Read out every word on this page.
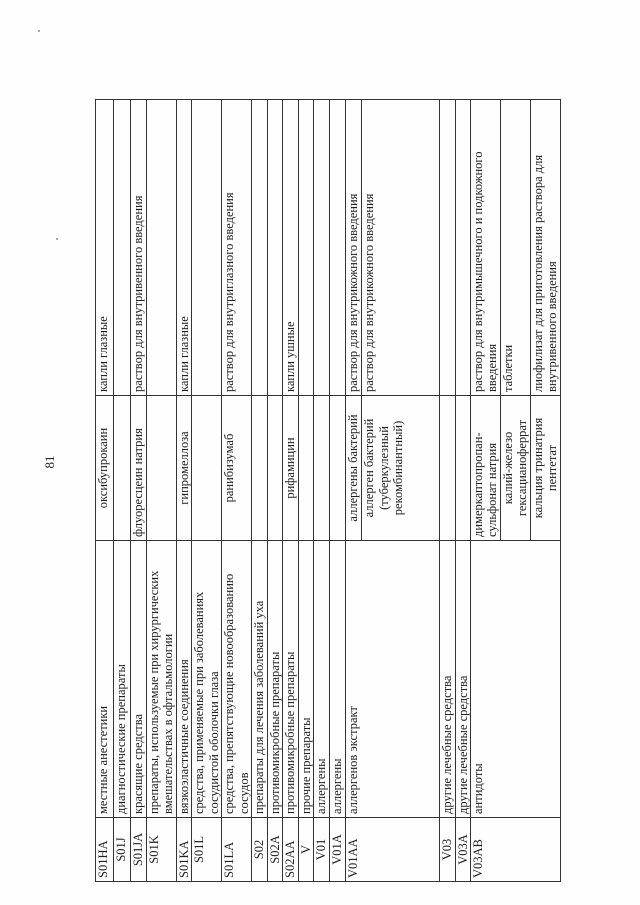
81
S01HA	местные анестетики	оксибупрокаин	капли глазные
S01J	диагностические препараты		
S01JA	красящие средства	флуоресцеин натрия	раствор для внутривенного введения
S01K	препараты, используемые при хирургических вмешательствах в офтальмологии		
S01KA	вязкоэластичные соединения	гипромеллоза	капли глазные
S01L	средства, применяемые при заболеваниях сосудистой оболочки глаза		
S01LA	средства, препятствующие новообразованию сосудов	ранибизумаб	раствор для внутриглазного введения
S02	препараты для лечения заболеваний уха		
S02A	противомикробные препараты		
S02AA	противомикробные препараты	рифамицин	капли ушные
V	прочие препараты		
V01	аллергены		
V01A	аллергены		
V01AA	аллергенов экстракт	аллергены бактерий	раствор для внутрикожного введения
		аллерген бактерий (туберкулезный рекомбинантный)	раствор для внутрикожного введения
V03	другие лечебные средства		
V03A	другие лечебные средства		
V03AB	антидоты	димеркаптопропан-сульфонат натрия	раствор для внутримышечного и подкожного введения
		калий-железо гексацианоферрат	таблетки
		кальция тринатрия пентетат	лиофилизат для приготовления раствора для внутривенного введения
